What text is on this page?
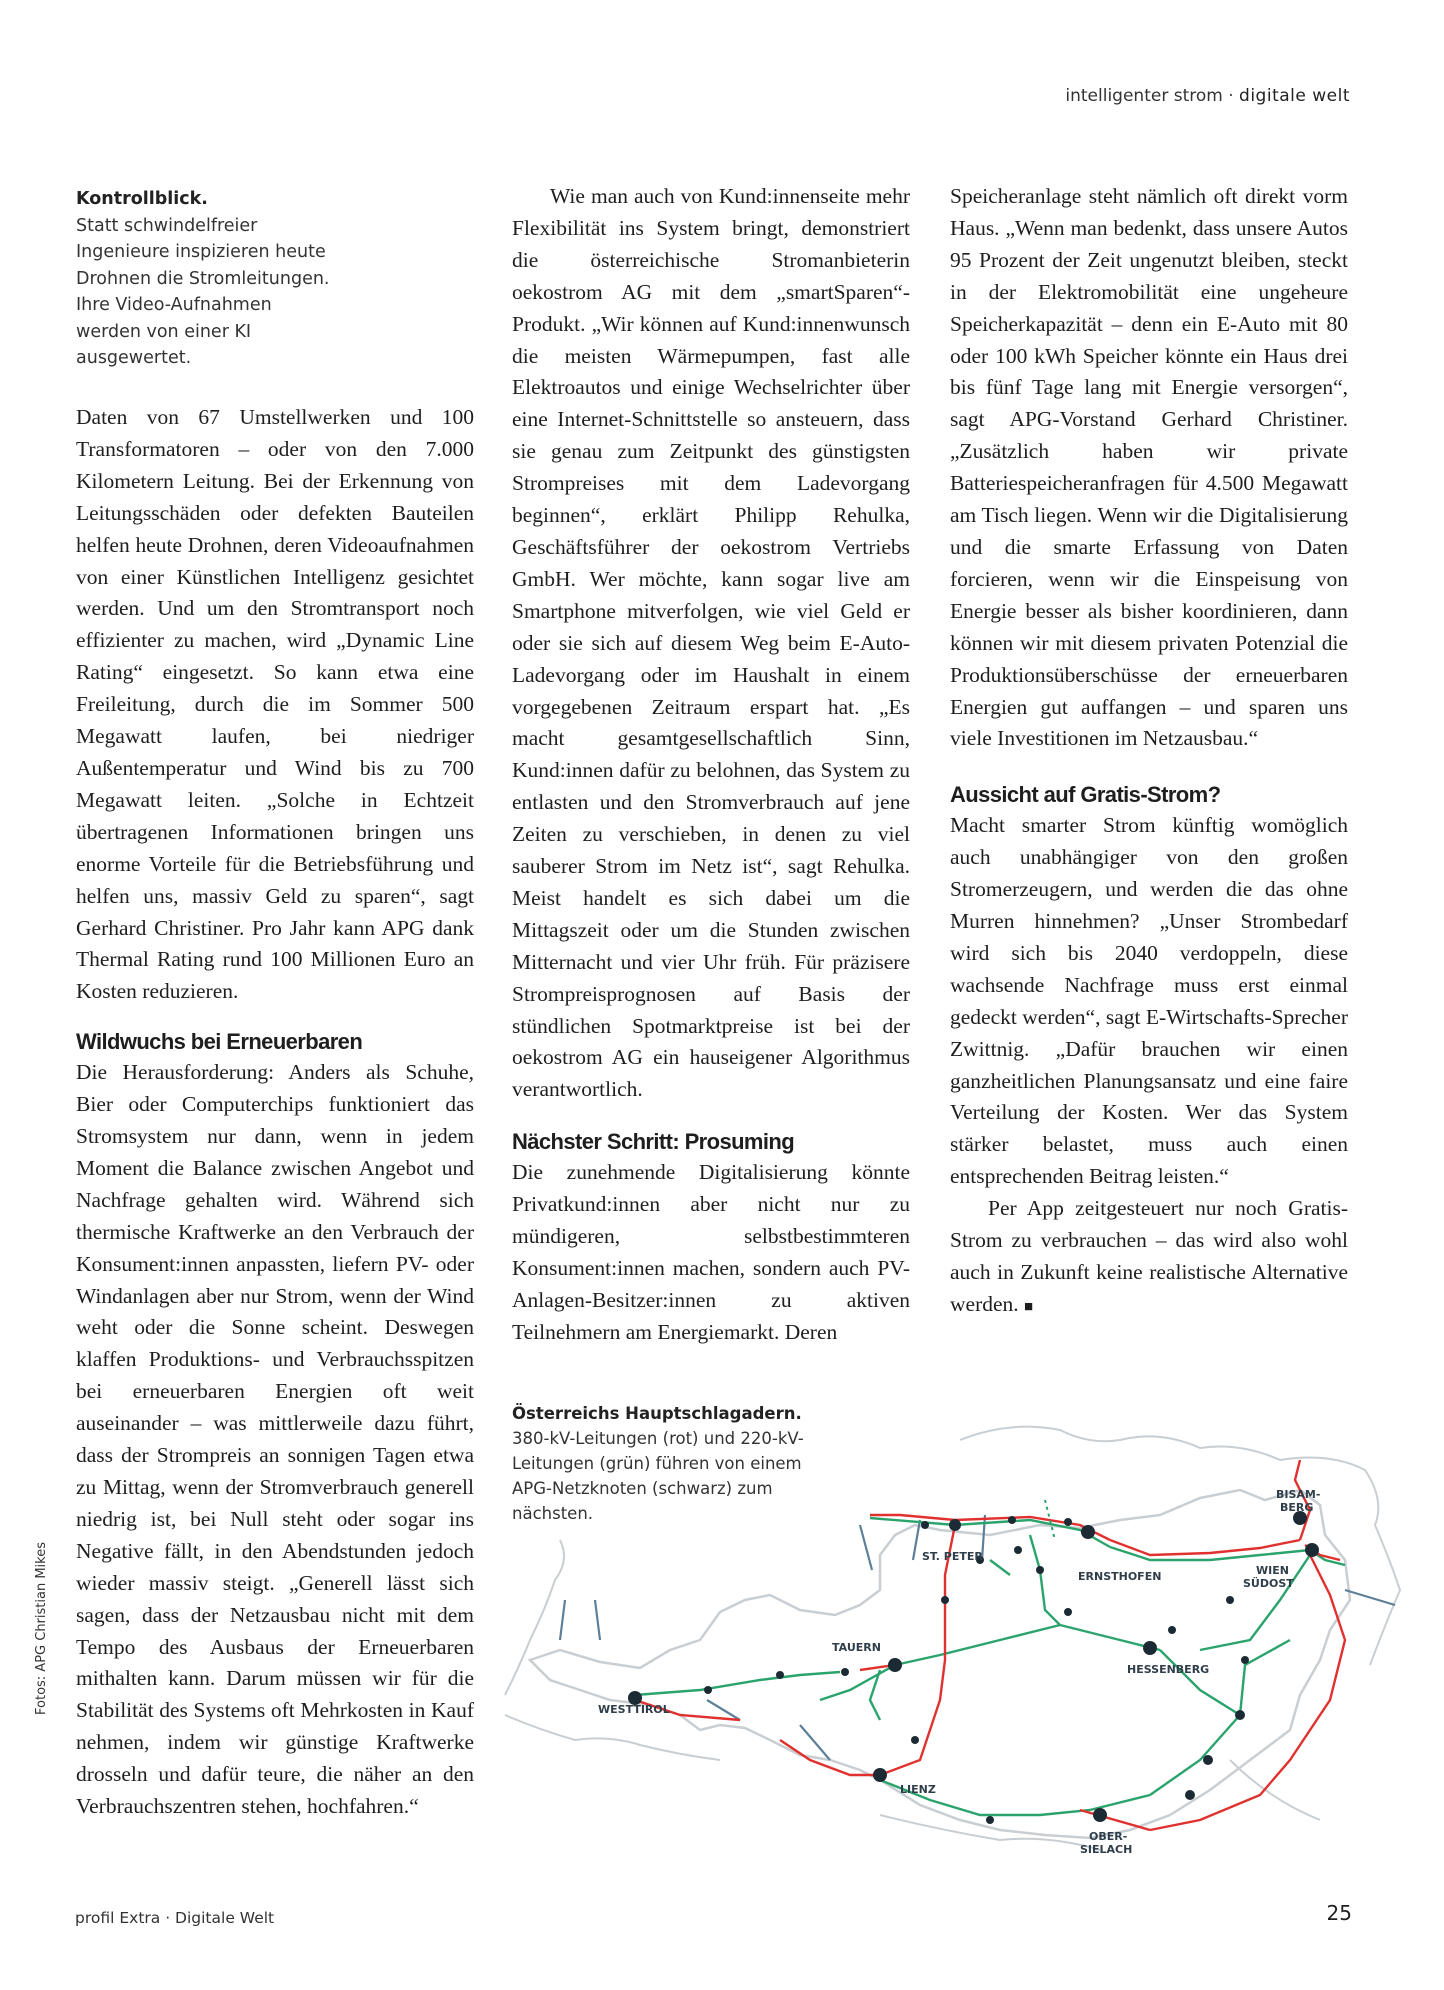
intelligenter strom · digitale welt
Kontrollblick.
Statt schwindelfreier Ingenieure inspizieren heute Drohnen die Stromleitungen. Ihre Video-Aufnahmen werden von einer KI ausgewertet.

Daten von 67 Umstellwerken und 100 Transformatoren – oder von den 7.000 Kilometern Leitung. Bei der Erkennung von Leitungsschäden oder defekten Bauteilen helfen heute Drohnen, deren Videoaufnahmen von einer Künstlichen Intelligenz gesichtet werden. Und um den Stromtransport noch effizienter zu machen, wird „Dynamic Line Rating“ eingesetzt. So kann etwa eine Freileitung, durch die im Sommer 500 Megawatt laufen, bei niedriger Außentemperatur und Wind bis zu 700 Megawatt leiten. „Solche in Echtzeit übertragenen Informationen bringen uns enorme Vorteile für die Betriebsführung und helfen uns, massiv Geld zu sparen“, sagt Gerhard Christiner. Pro Jahr kann APG dank Thermal Rating rund 100 Millionen Euro an Kosten reduzieren.

Wildwuchs bei Erneuerbaren

Die Herausforderung: Anders als Schuhe, Bier oder Computerchips funktioniert das Stromsystem nur dann, wenn in jedem Moment die Balance zwischen Angebot und Nachfrage gehalten wird. Während sich thermische Kraftwerke an den Verbrauch der Konsument:innen anpassten, liefern PV- oder Windanlagen aber nur Strom, wenn der Wind weht oder die Sonne scheint. Deswegen klaffen Produktions- und Verbrauchsspitzen bei erneuerbaren Energien oft weit auseinander – was mittlerweile dazu führt, dass der Strompreis an sonnigen Tagen etwa zu Mittag, wenn der Stromverbrauch generell niedrig ist, bei Null steht oder sogar ins Negative fällt, in den Abendstunden jedoch wieder massiv steigt. „Generell lässt sich sagen, dass der Netzausbau nicht mit dem Tempo des Ausbaus der Erneuerbaren mithalten kann. Darum müssen wir für die Stabilität des Systems oft Mehrkosten in Kauf nehmen, indem wir günstige Kraftwerke drosseln und dafür teure, die näher an den Verbrauchszentren stehen, hochfahren.“

Wie man auch von Kund:innenseite mehr Flexibilität ins System bringt, demonstriert die österreichische Stromanbieterin oekostrom AG mit dem „smartSparen“-Produkt. „Wir können auf Kund:innenwunsch die meisten Wärmepumpen, fast alle Elektroautos und einige Wechselrichter über eine Internet-Schnittstelle so ansteuern, dass sie genau zum Zeitpunkt des günstigsten Strompreises mit dem Ladevorgang beginnen“, erklärt Philipp Rehulka, Geschäftsführer der oekostrom Vertriebs GmbH. Wer möchte, kann sogar live am Smartphone mitverfolgen, wie viel Geld er oder sie sich auf diesem Weg beim E-Auto-Ladevorgang oder im Haushalt in einem vorgegebenen Zeitraum erspart hat. „Es macht gesamtgesellschaftlich Sinn, Kund:innen dafür zu belohnen, das System zu entlasten und den Stromverbrauch auf jene Zeiten zu verschieben, in denen zu viel sauberer Strom im Netz ist“, sagt Rehulka. Meist handelt es sich dabei um die Mittagszeit oder um die Stunden zwischen Mitternacht und vier Uhr früh. Für präzisere Strompreisprognosen auf Basis der stündlichen Spotmarktpreise ist bei der oekostrom AG ein hauseigener Algorithmus verantwortlich.

Nächster Schritt: Prosuming

Die zunehmende Digitalisierung könnte Privatkund:innen aber nicht nur zu mündigeren, selbstbestimmteren Konsument:innen machen, sondern auch PV-Anlagen-Besitzer:innen zu aktiven Teilnehmern am Energiemarkt. Deren

Speicheranlage steht nämlich oft direkt vorm Haus. „Wenn man bedenkt, dass unsere Autos 95 Prozent der Zeit ungenutzt bleiben, steckt in der Elektromobilität eine ungeheure Speicherkapazität – denn ein E-Auto mit 80 oder 100 kWh Speicher könnte ein Haus drei bis fünf Tage lang mit Energie versorgen“, sagt APG-Vorstand Gerhard Christiner. „Zusätzlich haben wir private Batteriespeicheranfragen für 4.500 Megawatt am Tisch liegen. Wenn wir die Digitalisierung und die smarte Erfassung von Daten forcieren, wenn wir die Einspeisung von Energie besser als bisher koordinieren, dann können wir mit diesem privaten Potenzial die Produktionsüberschüsse der erneuerbaren Energien gut auffangen – und sparen uns viele Investitionen im Netzausbau.“

Aussicht auf Gratis-Strom?

Macht smarter Strom künftig womöglich auch unabhängiger von den großen Stromerzeugern, und werden die das ohne Murren hinnehmen? „Unser Strombedarf wird sich bis 2040 verdoppeln, diese wachsende Nachfrage muss erst einmal gedeckt werden“, sagt E-Wirtschafts-Sprecher Zwittnig. „Dafür brauchen wir einen ganzheitlichen Planungsansatz und eine faire Verteilung der Kosten. Wer das System stärker belastet, muss auch einen entsprechenden Beitrag leisten.“

Per App zeitgesteuert nur noch Gratis-Strom zu verbrauchen – das wird also wohl auch in Zukunft keine realistische Alternative werden. ■

Österreichs Hauptschlagadern.
380-kV-Leitungen (rot) und 220-kV-Leitungen (grün) führen von einem APG-Netzknoten (schwarz) zum nächsten.
BISAM-
BERG
ST. PETER
ERNSTHOFEN	WIEN
SÜDOST
WESTTIROL
TAUERN
HESSENBERG
LIENZ
OBER-
SIELACH
Fotos: APG Christian Mikes
profil Extra · Digitale Welt	25
